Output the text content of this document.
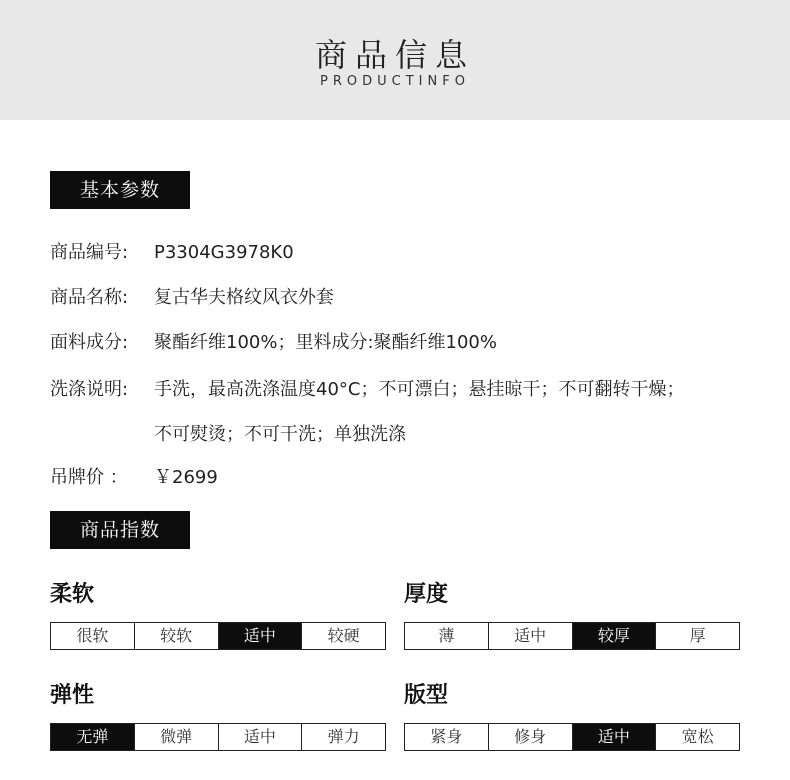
商品信息
PRODUCTINFO
基本参数
商品编号: P3304G3978K0
商品名称: 复古华夫格纹风衣外套
面料成分: 聚酯纤维100%；里料成分:聚酯纤维100%
洗涤说明: 手洗，最高洗涤温度40°C；不可漂白；悬挂晾干；不可翻转干燥；
不可熨烫；不可干洗；单独洗涤
吊牌价 ： ￥2699
商品指数
柔软
很软	较软	适中	较硬
厚度
薄	适中	较厚	厚
弹性
无弹	微弹	适中	弹力
版型
紧身	修身	适中	宽松
